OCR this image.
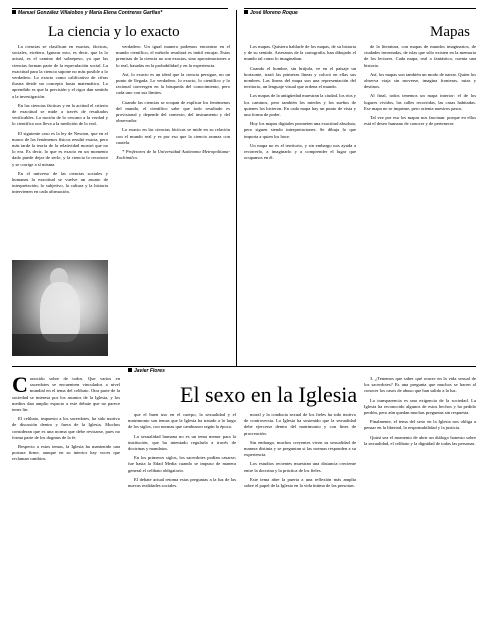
Manuel González Villalobos y María Elena Contreras Garfias*	José Moreno Roque
La ciencia y lo exacto	Mapas

La ciencias se clasifican en exactas, fácticas, sociales, etcétera. Ignorar esto, es decir, que la lo actual, es el camino del sobrepeso, ya que las ciencias forman parte de la especulación social. La exactitud para la ciencia supone no más posible a lo verdadero. Lo exacto como calificativo de cifras ilustra desde un concepto hasta matemático. Lo aprendido es que la precisión y el rigor dan sentido a la investigación.

En las ciencias fácticas y en la actitud el criterio de exactitud se mide a través de resultados verificables. La noción de lo cercano a la verdad y lo científico nos lleva a la medición de lo real.

El siguiente caso es la ley de Newton, que en el marco de los fenómenos físicos resultó exacta, pero más tarde la teoría de la relatividad mostró que no lo era. Es decir, lo que es exacto en un momento dado puede dejar de serlo, y la ciencia lo reconoce y se corrige a sí misma.

En el universo de las ciencias sociales y humanas la exactitud se vuelve un asunto de interpretación; lo subjetivo, la cultura y la historia intervienen en cada afirmación.

verdadero. Un igual manera podemos encontrar en el mundo científico, el método resultará es inútil encajar. Estas premisas de la ciencia no son exactas, sino aproximaciones a lo real, basadas en la probabilidad y en la experiencia.

Así, lo exacto es un ideal que la ciencia persigue, no un punto de llegada. Lo verdadero, lo exacto, lo científico y lo racional convergen en la búsqueda del conocimiento, pero cada uno con sus límites.

Cuando las ciencias se ocupan de explicar los fenómenos del mundo, el científico sabe que todo resultado es provisional y depende del contexto, del instrumento y del observador.

Lo exacto en las ciencias fácticas se mide en su relación con el mundo real y es por eso que la ciencia avanza con cautela.

* Profesores de la Universidad Autónoma Metropolitana-Xochimilco.

Los mapas. Quisiera hablarle de los mapas, de su historia y de su sentido. Artesanos de la cartografía, han dibujado el mundo tal como lo imaginaban.

Cuando el hombre, sin brújula, ve en el paisaje un horizonte, trazó las primeras líneas y colocó en ellas sus nombres. Las líneas del mapa son una representación del territorio, un lenguaje visual que ordena el mundo.

Los mapas de la antigüedad muestran la ciudad, los ríos y los caminos, pero también los miedos y los sueños de quienes los hicieron. En cada mapa hay un punto de vista y una forma de poder.

Hoy los mapas digitales prometen una exactitud absoluta, pero siguen siendo interpretaciones. Se dibuja lo que importa a quien los hace.

Un mapa no es el territorio, y sin embargo nos ayuda a recorrerlo, a imaginarlo y a comprender el lugar que ocupamos en él.

de la literatura, con mapas de mundos imaginarios, de ciudades inventadas, de islas que sólo existen en la memoria de los lectores. Cada mapa, real o fantástico, cuenta una historia.

Así, los mapas son también un modo de narrar. Quien los observa viaja sin moverse, imagina fronteras, rutas y destinos.

Al final, todos tenemos un mapa interior: el de los lugares vividos, las calles recorridas, las casas habitadas. Ese mapa no se imprime, pero orienta nuestros pasos.

Tal vez por eso los mapas nos fascinan: porque en ellos está el deseo humano de conocer y de pertenecer.

Javier Flores
El sexo en la Iglesia

Conocido sobre de todos. Que varios en sacerdotes se encuentren vinculados a nivel mundial en el tema del celibato. Otra parte de la sociedad se interesa por los asuntos de la Iglesia, y los medios dan amplio espacio a este debate que no parece tener fin.

El celibato, impuesto a los sacerdotes, ha sido motivo de discusión dentro y fuera de la Iglesia. Muchos consideran que es una norma que debe revisarse, pues no forma parte de los dogmas de la fe.

Respecto a estos temas, la Iglesia ha mantenido una postura firme, aunque en su interior hay voces que reclaman cambios.

que el buen uso en el cuerpo, la sexualidad y el matrimonio son temas que la Iglesia ha tratado a lo largo de los siglos, con normas que cambiaron según la época.

La sexualidad humana no es un tema menor para la institución, que ha intentado regularla a través de doctrinas y mandatos.

En los primeros siglos, los sacerdotes podían casarse; fue hasta la Edad Media cuando se impuso de manera general el celibato obligatorio.

El debate actual retoma estas preguntas a la luz de las nuevas realidades sociales.

moral y la conducta sexual de los fieles ha sido motivo de controversia. La Iglesia ha sostenido que la sexualidad debe ejercerse dentro del matrimonio y con fines de procreación.

Sin embargo, muchos creyentes viven su sexualidad de manera distinta y se preguntan si las normas responden a su experiencia.

Los estudios recientes muestran una distancia creciente entre la doctrina y la práctica de los fieles.

Este tema abre la puerta a una reflexión más amplia sobre el papel de la Iglesia en la vida íntima de las personas.

3. ¿Tenemos que saber qué ocurre en la vida sexual de los sacerdotes? Es una pregunta que muchos se hacen al conocer los casos de abuso que han salido a la luz.

La transparencia es una exigencia de la sociedad. La Iglesia ha reconocido algunos de estos hechos y ha pedido perdón, pero aún quedan muchas preguntas sin respuesta.

Finalmente, el tema del sexo en la Iglesia nos obliga a pensar en la libertad, la responsabilidad y la justicia.

Quizá sea el momento de abrir un diálogo honesto sobre la sexualidad, el celibato y la dignidad de todas las personas.
